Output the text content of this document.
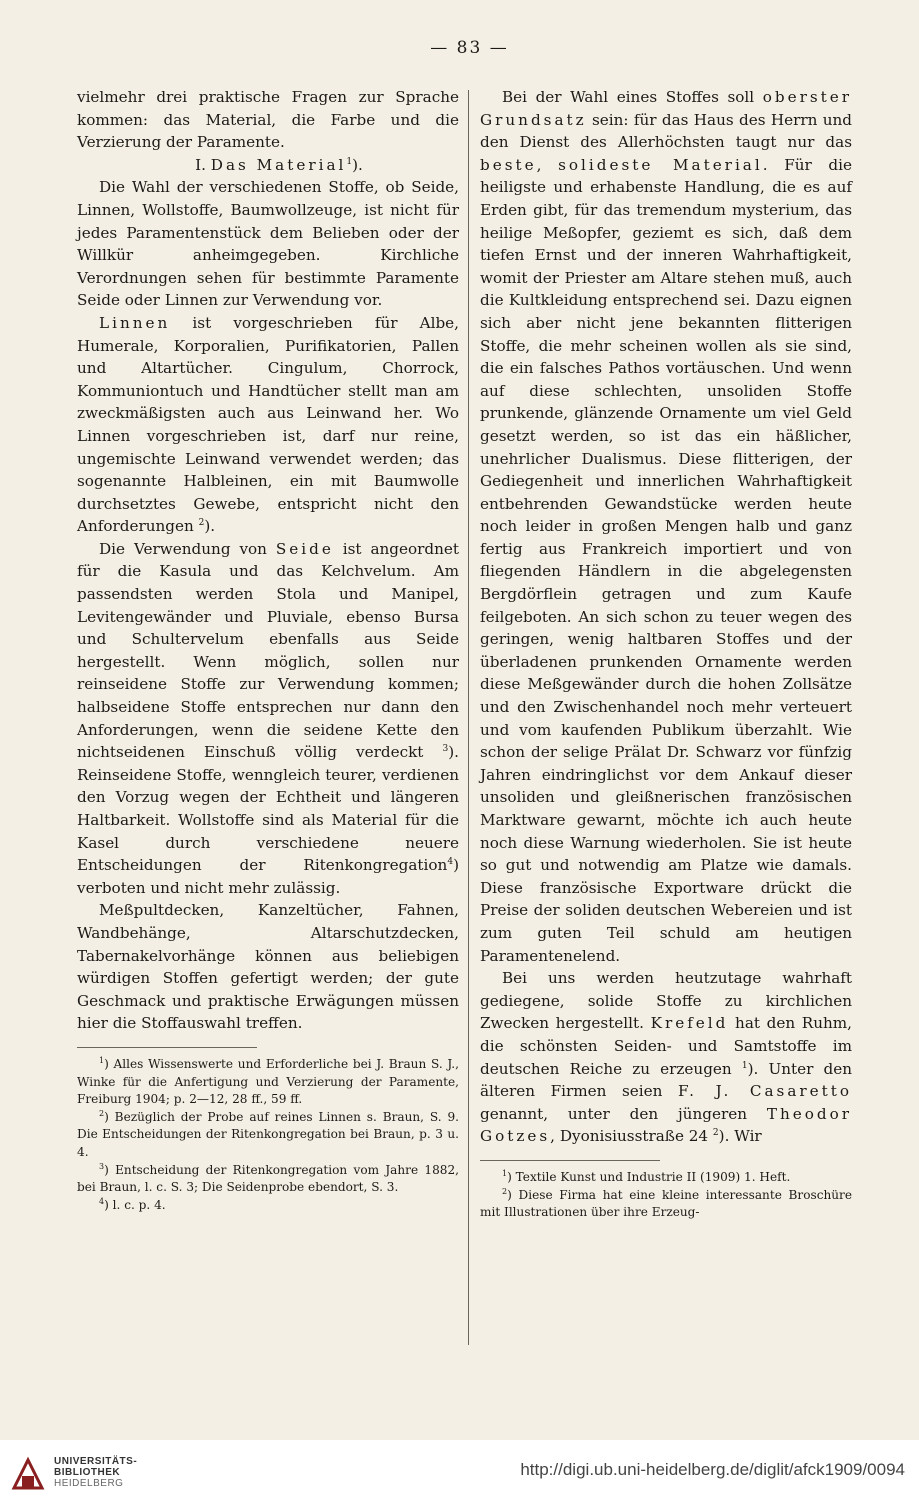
— 83 —

vielmehr drei praktische Fragen zur Sprache kommen: das Material, die Farbe und die Verzierung der Paramente.

I. Das Material$^1$).

Die Wahl der verschiedenen Stoffe, ob Seide, Linnen, Wollstoffe, Baumwollzeuge, ist nicht für jedes Paramentenstück dem Belieben oder der Willkür anheimgegeben. Kirchliche Verordnungen sehen für bestimmte Paramente Seide oder Linnen zur Verwendung vor.

Linnen ist vorgeschrieben für Albe, Humerale, Korporalien, Purifikatorien, Pallen und Altartücher. Cingulum, Chorrock, Kommuniontuch und Handtücher stellt man am zweckmäßigsten auch aus Leinwand her. Wo Linnen vorgeschrieben ist, darf nur reine, ungemischte Leinwand verwendet werden; das sogenannte Halbleinen, ein mit Baumwolle durchsetztes Gewebe, entspricht nicht den Anforderungen $^2$).

Die Verwendung von Seide ist angeordnet für die Kasula und das Kelchvelum. Am passendsten werden Stola und Manipel, Levitengewänder und Pluviale, ebenso Bursa und Schultervelum ebenfalls aus Seide hergestellt. Wenn möglich, sollen nur reinseidene Stoffe zur Verwendung kommen; halbseidene Stoffe entsprechen nur dann den Anforderungen, wenn die seidene Kette den nichtseidenen Einschuß völlig verdeckt $^3$). Reinseidene Stoffe, wenngleich teurer, verdienen den Vorzug wegen der Echtheit und längeren Haltbarkeit. Wollstoffe sind als Material für die Kasel durch verschiedene neuere Entscheidungen der Ritenkongregation$^4$) verboten und nicht mehr zulässig.

Meßpultdecken, Kanzeltücher, Fahnen, Wandbehänge, Altarschutzdecken, Tabernakelvorhänge können aus beliebigen würdigen Stoffen gefertigt werden; der gute Geschmack und praktische Erwägungen müssen hier die Stoffauswahl treffen.

$^1$) Alles Wissenswerte und Erforderliche bei J. Braun S. J., Winke für die Anfertigung und Verzierung der Paramente, Freiburg 1904; p. 2—12, 28 ff., 59 ff.

$^2$) Bezüglich der Probe auf reines Linnen s. Braun, S. 9. Die Entscheidungen der Ritenkongregation bei Braun, p. 3 u. 4.

$^3$) Entscheidung der Ritenkongregation vom Jahre 1882, bei Braun, l. c. S. 3; Die Seidenprobe ebendort, S. 3.

$^4$) l. c. p. 4.

Bei der Wahl eines Stoffes soll oberster Grundsatz sein: für das Haus des Herrn und den Dienst des Allerhöchsten taugt nur das beste, solideste Material. Für die heiligste und erhabenste Handlung, die es auf Erden gibt, für das tremendum mysterium, das heilige Meßopfer, geziemt es sich, daß dem tiefen Ernst und der inneren Wahrhaftigkeit, womit der Priester am Altare stehen muß, auch die Kultkleidung entsprechend sei. Dazu eignen sich aber nicht jene bekannten flitterigen Stoffe, die mehr scheinen wollen als sie sind, die ein falsches Pathos vortäuschen. Und wenn auf diese schlechten, unsoliden Stoffe prunkende, glänzende Ornamente um viel Geld gesetzt werden, so ist das ein häßlicher, unehrlicher Dualismus. Diese flitterigen, der Gediegenheit und innerlichen Wahrhaftigkeit entbehrenden Gewandstücke werden heute noch leider in großen Mengen halb und ganz fertig aus Frankreich importiert und von fliegenden Händlern in die abgelegensten Bergdörflein getragen und zum Kaufe feilgeboten. An sich schon zu teuer wegen des geringen, wenig haltbaren Stoffes und der überladenen prunkenden Ornamente werden diese Meßgewänder durch die hohen Zollsätze und den Zwischenhandel noch mehr verteuert und vom kaufenden Publikum überzahlt. Wie schon der selige Prälat Dr. Schwarz vor fünfzig Jahren eindringlichst vor dem Ankauf dieser unsoliden und gleißnerischen französischen Marktware gewarnt, möchte ich auch heute noch diese Warnung wiederholen. Sie ist heute so gut und notwendig am Platze wie damals. Diese französische Exportware drückt die Preise der soliden deutschen Webereien und ist zum guten Teil schuld am heutigen Paramentenelend.

Bei uns werden heutzutage wahrhaft gediegene, solide Stoffe zu kirchlichen Zwecken hergestellt. Krefeld hat den Ruhm, die schönsten Seiden- und Samtstoffe im deutschen Reiche zu erzeugen $^1$). Unter den älteren Firmen seien F. J. Casaretto genannt, unter den jüngeren Theodor Gotzes, Dyonisiusstraße 24 $^2$). Wir

$^1$) Textile Kunst und Industrie II (1909) 1. Heft.

$^2$) Diese Firma hat eine kleine interessante Broschüre mit Illustrationen über ihre Erzeug-

UNIVERSITÄTS-
BIBLIOTHEK
HEIDELBERG
http://digi.ub.uni-heidelberg.de/diglit/afck1909/0094
